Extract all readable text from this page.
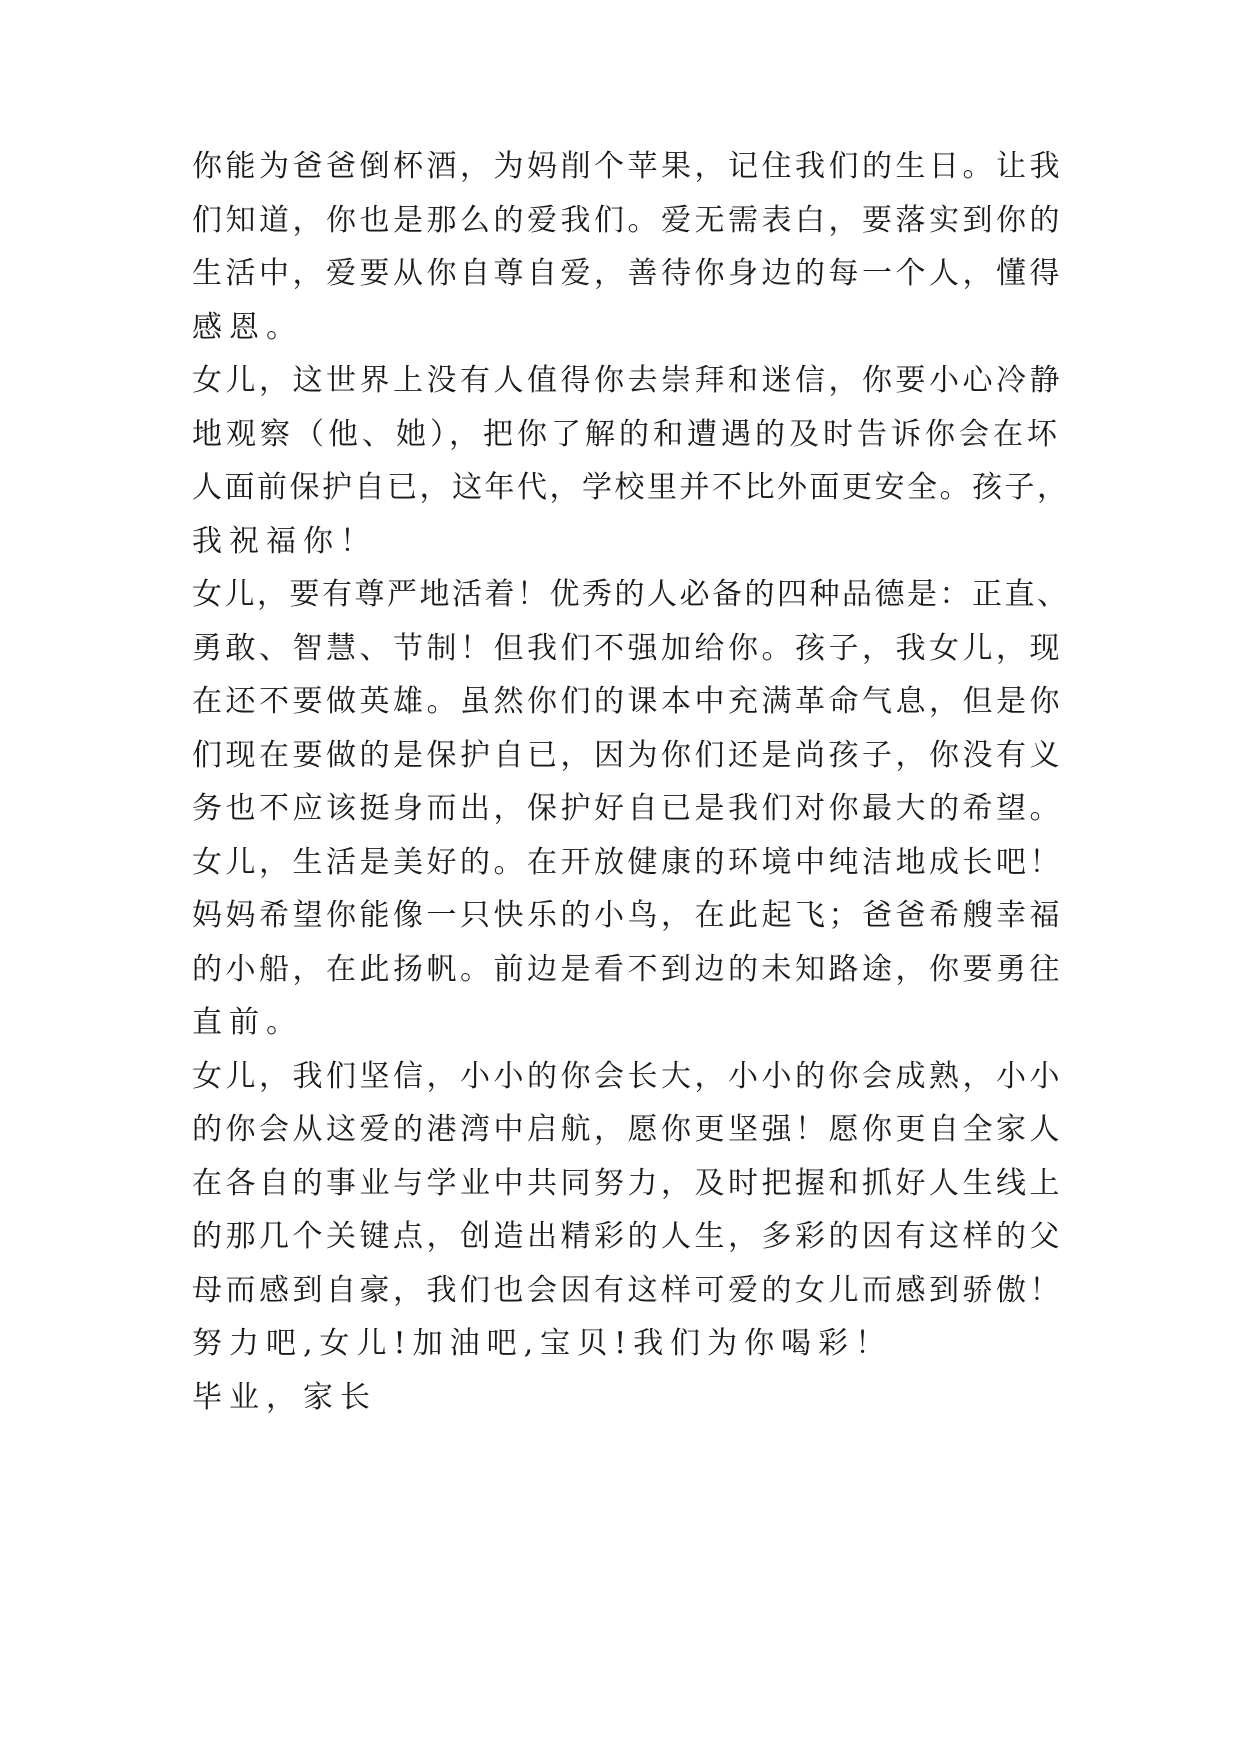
你能为爸爸倒杯酒，为妈削个苹果，记住我们的生日。让我
们知道，你也是那么的爱我们。爱无需表白，要落实到你的
生活中，爱要从你自尊自爱，善待你身边的每一个人，懂得
感恩。
女儿，这世界上没有人值得你去崇拜和迷信，你要小心冷静
地观察（他、她），把你了解的和遭遇的及时告诉你会在坏
人面前保护自已，这年代，学校里并不比外面更安全。孩子，
我祝福你！
女儿，要有尊严地活着！优秀的人必备的四种品德是：正直、
勇敢、智慧、节制！但我们不强加给你。孩子，我女儿，现
在还不要做英雄。虽然你们的课本中充满革命气息，但是你
们现在要做的是保护自已，因为你们还是尚孩子，你没有义
务也不应该挺身而出，保护好自已是我们对你最大的希望。
女儿，生活是美好的。在开放健康的环境中纯洁地成长吧！
妈妈希望你能像一只快乐的小鸟，在此起飞；爸爸希艘幸福
的小船，在此扬帆。前边是看不到边的未知路途，你要勇往
直前。
女儿，我们坚信，小小的你会长大，小小的你会成熟，小小
的你会从这爱的港湾中启航，愿你更坚强！愿你更自全家人
在各自的事业与学业中共同努力，及时把握和抓好人生线上
的那几个关键点，创造出精彩的人生，多彩的因有这样的父
母而感到自豪，我们也会因有这样可爱的女儿而感到骄傲！
努力吧,女儿!加油吧,宝贝!我们为你喝彩！
毕业，家长
